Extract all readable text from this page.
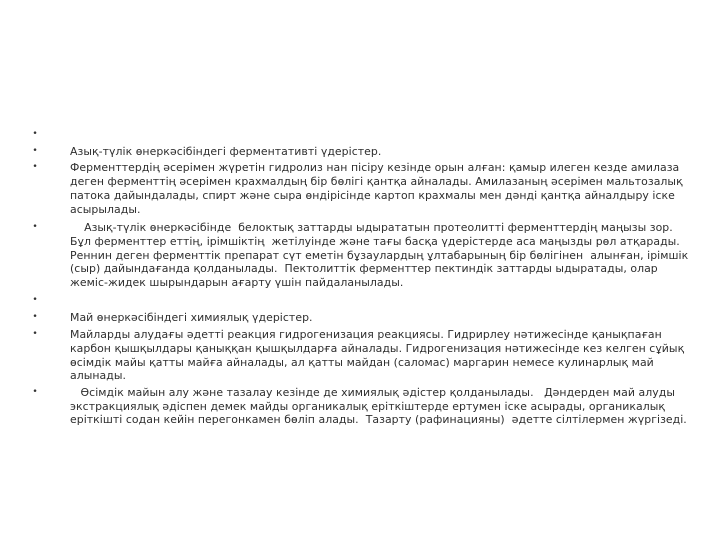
•
•	Азық-түлік өнеркәсібіндегі ферментативті үдерістер.
•	Ферменттердің әсерімен жүретін гидролиз нан пісіру кезінде орын алған: қамыр илеген кезде амилаза деген ферменттің әсерімен крахмалдың бір бөлігі қантқа айналады. Амилазаның әсерімен мальтозалық патока дайындалады, спирт және сыра өндірісінде картоп крахмалы мен дәнді қантқа айналдыру іске асырылады.
•	Азық-түлік өнеркәсібінде  белоктық заттарды ыдырататын протеолитті ферменттердің маңызы зор. Бұл ферменттер еттің, ірімшіктің  жетілуінде және тағы басқа үдерістерде аса маңызды рөл атқарады. Реннин деген ферменттік препарат сүт еметін бұзаулардың ұлтабарының бір бөлігінен  алынған, ірімшік (сыр) дайындағанда қолданылады.  Пектолиттік ферменттер пектиндік заттарды ыдыратады, олар жеміс-жидек шырындарын ағарту үшін пайдаланылады.
•
•	Май өнеркәсібіндегі химиялық үдерістер.
•	Майларды алудағы әдетті реакция гидрогенизация реакциясы. Гидрирлеу нәтижесінде қанықпаған карбон қышқылдары қаныққан қышқылдарға айналады. Гидрогенизация нәтижесінде кез келген сұйық өсімдік майы қатты майға айналады, ал қатты майдан (саломас) маргарин немесе кулинарлық май алынады.
•	Өсімдік майын алу және тазалау кезінде де химиялық әдістер қолданылады.   Дәндерден май алуды экстракциялық әдіспен демек майды органикалық еріткіштерде ертумен іске асырады, органикалық еріткішті содан кейін перегонкамен бөліп алады.  Тазарту (рафинацияны)  әдетте сілтілермен жүргізеді.
